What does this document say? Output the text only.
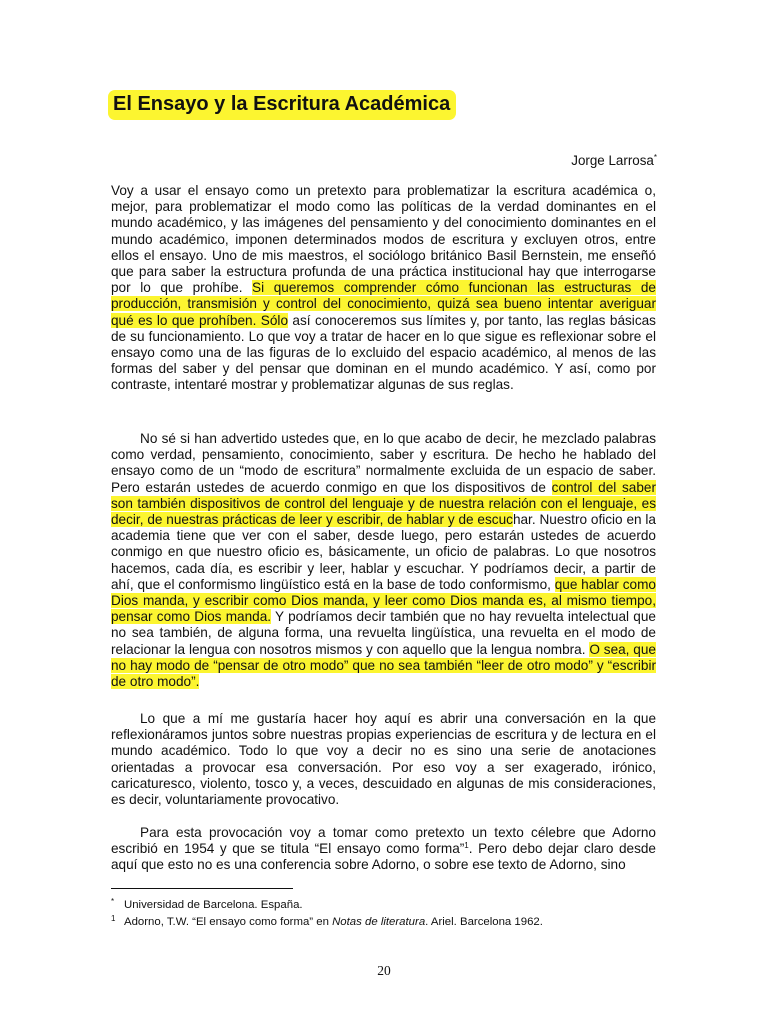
El Ensayo y la Escritura Académica
Jorge Larrosa*

Voy a usar el ensayo como un pretexto para problematizar la escritura académica o, mejor, para problematizar el modo como las políticas de la verdad dominantes en el mundo académico, y las imágenes del pensamiento y del conocimiento dominantes en el mundo académico, imponen determinados modos de escritura y excluyen otros, entre ellos el ensayo. Uno de mis maestros, el sociólogo británico Basil Bernstein, me enseñó que para saber la estructura profunda de una práctica institucional hay que interrogarse por lo que prohíbe. Si queremos comprender cómo funcionan las estructuras de producción, transmisión y control del conocimiento, quizá sea bueno intentar averiguar qué es lo que prohíben. Sólo así conoceremos sus límites y, por tanto, las reglas básicas de su funcionamiento. Lo que voy a tratar de hacer en lo que sigue es reflexionar sobre el ensayo como una de las figuras de lo excluido del espacio académico, al menos de las formas del saber y del pensar que dominan en el mundo académico. Y así, como por contraste, intentaré mostrar y problematizar algunas de sus reglas.

No sé si han advertido ustedes que, en lo que acabo de decir, he mezclado palabras como verdad, pensamiento, conocimiento, saber y escritura. De hecho he hablado del ensayo como de un “modo de escritura” normalmente excluida de un espacio de saber. Pero estarán ustedes de acuerdo conmigo en que los dispositivos de control del saber son también dispositivos de control del lenguaje y de nuestra relación con el lenguaje, es decir, de nuestras prácticas de leer y escribir, de hablar y de escuchar. Nuestro oficio en la academia tiene que ver con el saber, desde luego, pero estarán ustedes de acuerdo conmigo en que nuestro oficio es, básicamente, un oficio de palabras. Lo que nosotros hacemos, cada día, es escribir y leer, hablar y escuchar. Y podríamos decir, a partir de ahí, que el conformismo lingüístico está en la base de todo conformismo, que hablar como Dios manda, y escribir como Dios manda, y leer como Dios manda es, al mismo tiempo, pensar como Dios manda. Y podríamos decir también que no hay revuelta intelectual que no sea también, de alguna forma, una revuelta lingüística, una revuelta en el modo de relacionar la lengua con nosotros mismos y con aquello que la lengua nombra. O sea, que no hay modo de “pensar de otro modo” que no sea también “leer de otro modo” y “escribir de otro modo”.

Lo que a mí me gustaría hacer hoy aquí es abrir una conversación en la que reflexionáramos juntos sobre nuestras propias experiencias de escritura y de lectura en el mundo académico. Todo lo que voy a decir no es sino una serie de anotaciones orientadas a provocar esa conversación. Por eso voy a ser exagerado, irónico, caricaturesco, violento, tosco y, a veces, descuidado en algunas de mis consideraciones, es decir, voluntariamente provocativo.

Para esta provocación voy a tomar como pretexto un texto célebre que Adorno escribió en 1954 y que se titula “El ensayo como forma”$^1$. Pero debo dejar claro desde aquí que esto no es una conferencia sobre Adorno, o sobre ese texto de Adorno, sino

* Universidad de Barcelona. España.
1 Adorno, T.W. “El ensayo como forma” en Notas de literatura. Ariel. Barcelona 1962.
20
